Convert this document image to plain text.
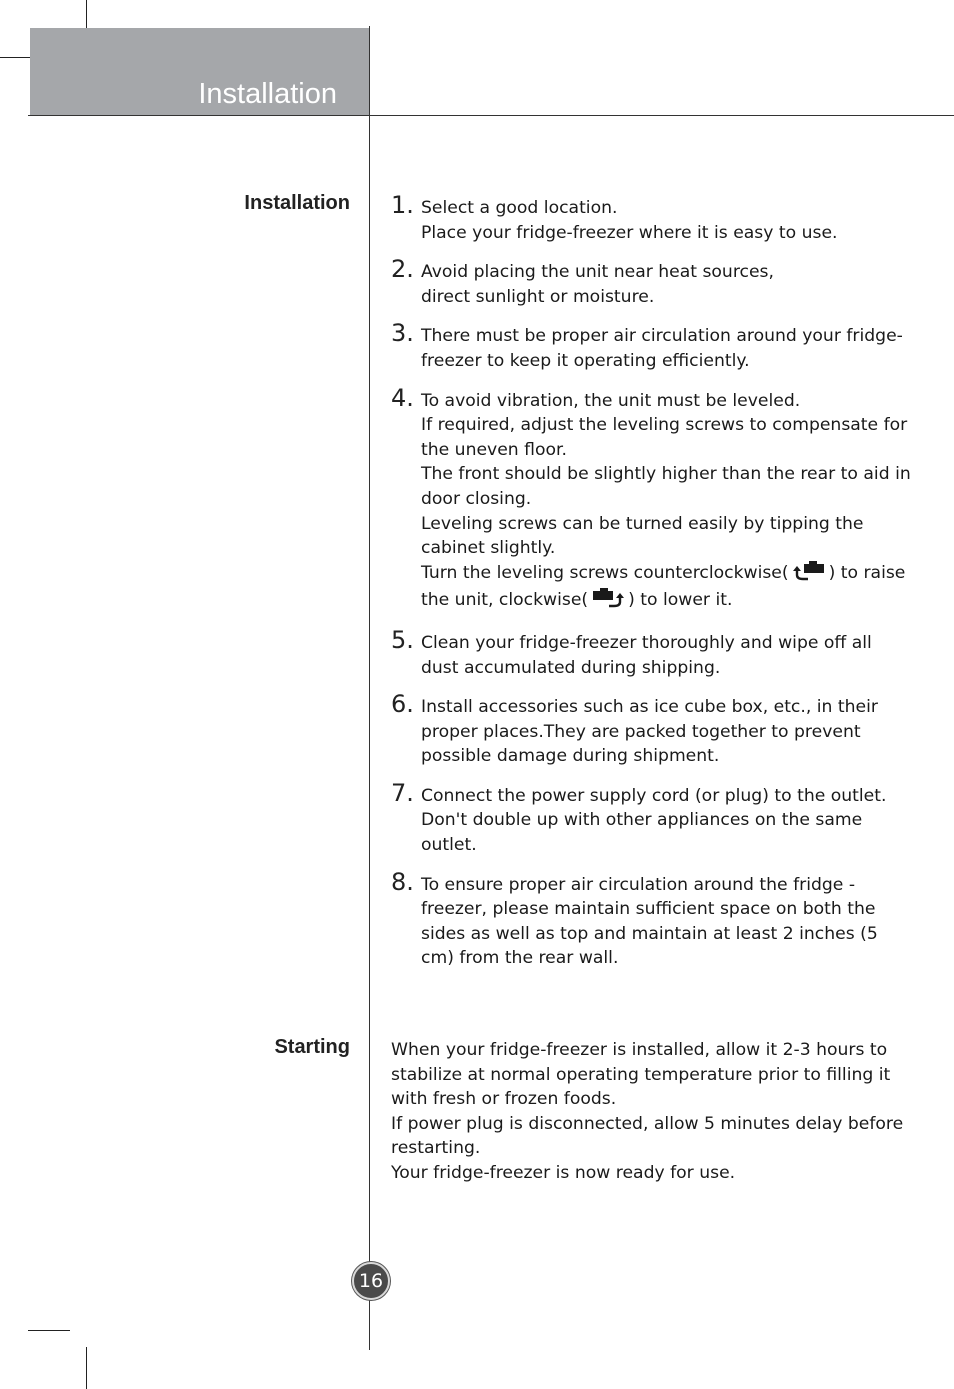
Installation
Installation
Starting
1. Select a good location.

Place your fridge-freezer where it is easy to use.

2. Avoid placing the unit near heat sources,

direct sunlight or moisture.

3. There must be proper air circulation around your fridge-freezer to keep it operating efficiently.

4. To avoid vibration, the unit must be leveled.

If required, adjust the leveling screws to compensate for the uneven floor.

The front should be slightly higher than the rear to aid in door closing.

Leveling screws can be turned easily by tipping the cabinet slightly.

Turn the leveling screws counterclockwise( ) to raise the unit, clockwise( ) to lower it.

5. Clean your fridge-freezer thoroughly and wipe off all dust accumulated during shipping.

6. Install accessories such as ice cube box, etc., in their proper places.They are packed together to prevent possible damage during shipment.

7. Connect the power supply cord (or plug) to the outlet.

Don't double up with other appliances on the same outlet.

8. To ensure proper air circulation around the fridge - freezer, please maintain sufficient space on both the sides as well as top and maintain at least 2 inches (5 cm) from the rear wall.

When your fridge-freezer is installed, allow it 2-3 hours to stabilize at normal operating temperature prior to filling it with fresh or frozen foods.

If power plug is disconnected, allow 5 minutes delay before restarting.

Your fridge-freezer is now ready for use.

16
